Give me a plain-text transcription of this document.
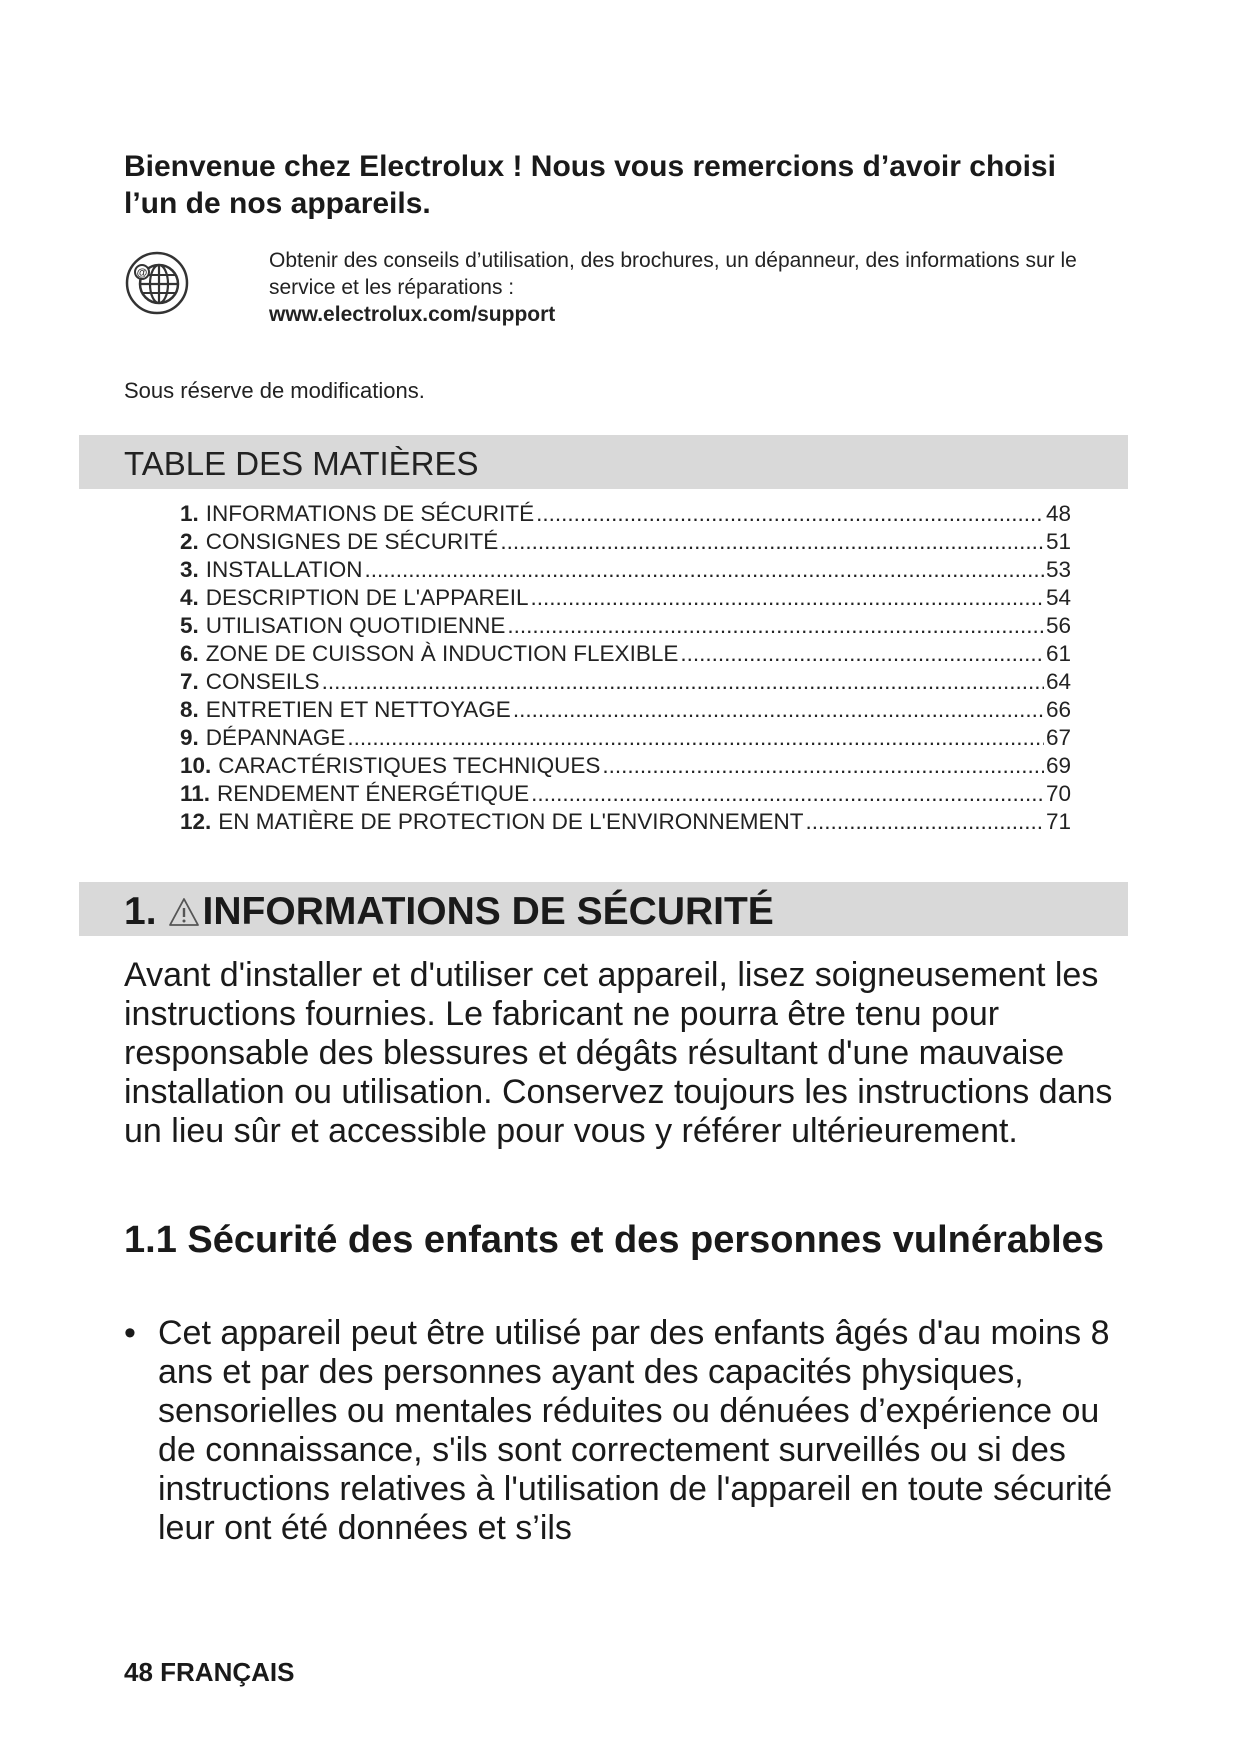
Bienvenue chez Electrolux ! Nous vous remercions d’avoir choisi l’un de nos appareils.

@
Obtenir des conseils d’utilisation, des brochures, un dépanneur, des informations sur le service et les réparations :
www.electrolux.com/support
Sous réserve de modifications.
TABLE DES MATIÈRES
1. INFORMATIONS DE SÉCURITÉ .....	48
2. CONSIGNES DE SÉCURITÉ .....	51
3. INSTALLATION .....	53
4. DESCRIPTION DE L'APPAREIL .....	54
5. UTILISATION QUOTIDIENNE .....	56
6. ZONE DE CUISSON À INDUCTION FLEXIBLE .....	61
7. CONSEILS .....	64
8. ENTRETIEN ET NETTOYAGE .....	66
9. DÉPANNAGE .....	67
10. CARACTÉRISTIQUES TECHNIQUES .....	69
11. RENDEMENT ÉNERGÉTIQUE .....	70
12. EN MATIÈRE DE PROTECTION DE L'ENVIRONNEMENT .....	71
1. INFORMATIONS DE SÉCURITÉ

Avant d'installer et d'utiliser cet appareil, lisez soigneusement les instructions fournies. Le fabricant ne pourra être tenu pour responsable des blessures et dégâts résultant d'une mauvaise installation ou utilisation. Conservez toujours les instructions dans un lieu sûr et accessible pour vous y référer ultérieurement.

1.1 Sécurité des enfants et des personnes vulnérables
• Cet appareil peut être utilisé par des enfants âgés d'au moins 8 ans et par des personnes ayant des capacités physiques, sensorielles ou mentales réduites ou dénuées d’expérience ou de connaissance, s'ils sont correctement surveillés ou si des instructions relatives à l'utilisation de l'appareil en toute sécurité leur ont été données et s’ils
48 FRANÇAIS
